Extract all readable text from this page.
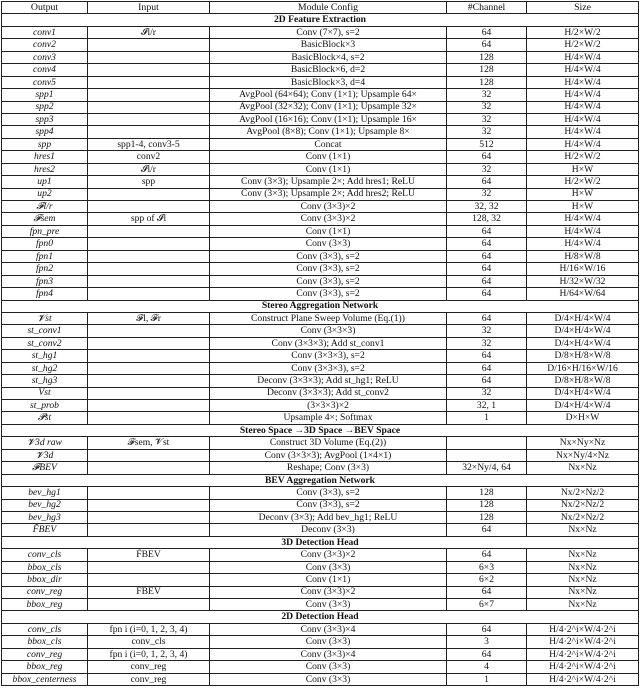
Output	Input	Module Config	#Channel	Size
2D Feature Extraction				
conv1	𝓘l/r	Conv (7×7), s=2	64	H/2×W/2
conv2		BasicBlock×3	64	H/2×W/2
conv3		BasicBlock×4, s=2	128	H/4×W/4
conv4		BasicBlock×6, d=2	128	H/4×W/4
conv5		BasicBlock×3, d=4	128	H/4×W/4
spp1		AvgPool (64×64); Conv (1×1); Upsample 64×	32	H/4×W/4
spp2		AvgPool (32×32); Conv (1×1); Upsample 32×	32	H/4×W/4
spp3		AvgPool (16×16); Conv (1×1); Upsample 16×	32	H/4×W/4
spp4		AvgPool (8×8); Conv (1×1); Upsample 8×	32	H/4×W/4
spp	spp1-4, conv3-5	Concat	512	H/4×W/4
hres1	conv2	Conv (1×1)	64	H/2×W/2
hres2	𝓘l/r	Conv (1×1)	32	H×W
up1	spp	Conv (3×3); Upsample 2×; Add hres1; ReLU	64	H/2×W/2
up2		Conv (3×3); Upsample 2×; Add hres2; ReLU	32	H×W
𝓕l/r		Conv (3×3)×2	32, 32	H×W
𝓕sem	spp of 𝓘l	Conv (3×3)×2	128, 32	H/4×W/4
fpn_pre		Conv (1×1)	64	H/4×W/4
fpn0		Conv (3×3)	64	H/4×W/4
fpn1		Conv (3×3), s=2	64	H/8×W/8
fpn2		Conv (3×3), s=2	64	H/16×W/16
fpn3		Conv (3×3), s=2	64	H/32×W/32
fpn4		Conv (3×3), s=2	64	H/64×W/64
Stereo Aggregation Network				
𝓥st	𝓕l, 𝓕r	Construct Plane Sweep Volume (Eq.(1))	64	D/4×H/4×W/4
st_conv1		Conv (3×3×3)	32	D/4×H/4×W/4
st_conv2		Conv (3×3×3); Add st_conv1	32	D/4×H/4×W/4
st_hg1		Conv (3×3×3), s=2	64	D/8×H/8×W/8
st_hg2		Conv (3×3×3), s=2	64	D/16×H/16×W/16
st_hg3		Deconv (3×3×3); Add st_hg1; ReLU	64	D/8×H/8×W/8
Ṽst		Deconv (3×3×3); Add st_conv2	32	D/4×H/4×W/4
st_prob		(3×3×3)×2	32, 1	D/4×H/4×W/4
𝓟st		Upsample 4×; Softmax	1	D×H×W
Stereo Space →3D Space →BEV Space				
𝓥3d raw	𝓕sem, 𝓥st	Construct 3D Volume (Eq.(2))		Nx×Ny×Nz
𝓥3d		Conv (3×3×3); AvgPool (1×4×1)		Nx×Ny/4×Nz
𝓕BEV		Reshape; Conv (3×3)	32×Ny/4, 64	Nx×Nz
BEV Aggregation Network				
bev_hg1		Conv (3×3), s=2	128	Nx/2×Nz/2
bev_hg2		Conv (3×3), s=2	128	Nx/2×Nz/2
bev_hg3		Deconv (3×3); Add bev_hg1; ReLU	128	Nx/2×Nz/2
F̃BEV		Deconv (3×3)	64	Nx×Nz
3D Detection Head				
conv_cls	F̃BEV	Conv (3×3)×2	64	Nx×Nz
bbox_cls		Conv (3×3)	6×3	Nx×Nz
bbox_dir		Conv (1×1)	6×2	Nx×Nz
conv_reg	F̃BEV	Conv (3×3)×2	64	Nx×Nz
bbox_reg		Conv (3×3)	6×7	Nx×Nz
2D Detection Head				
conv_cls	fpn i (i=0, 1, 2, 3, 4)	Conv (3×3)×4	64	H/4·2^i×W/4·2^i
bbox_cls	conv_cls	Conv (3×3)	3	H/4·2^i×W/4·2^i
conv_reg	fpn i (i=0, 1, 2, 3, 4)	Conv (3×3)×4	64	H/4·2^i×W/4·2^i
bbox_reg	conv_reg	Conv (3×3)	4	H/4·2^i×W/4·2^i
bbox_centerness	conv_reg	Conv (3×3)	1	H/4·2^i×W/4·2^i
